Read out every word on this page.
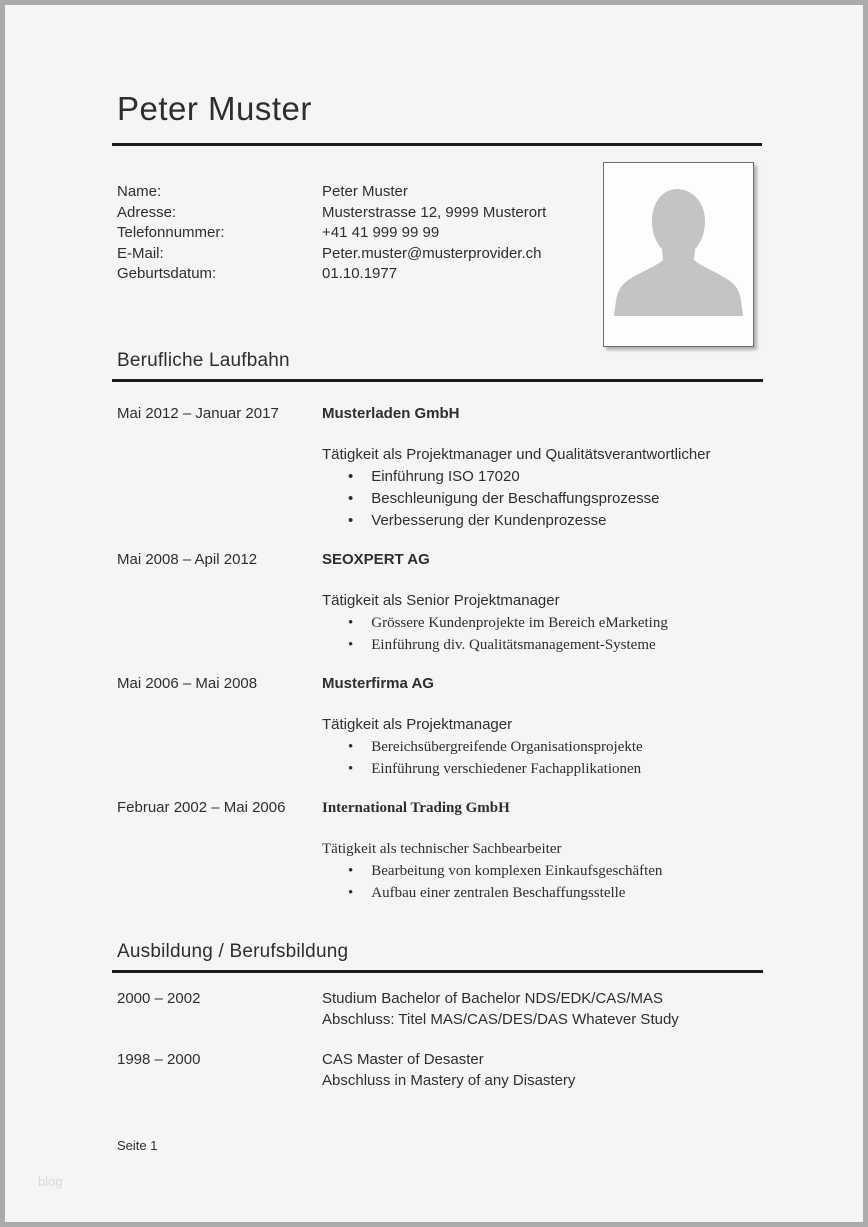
Peter Muster
Name:	Peter Muster
Adresse:	Musterstrasse 12, 9999 Musterort
Telefonnummer:	+41 41 999 99 99
E-Mail:	Peter.muster@musterprovider.ch
Geburtsdatum:	01.10.1977
Berufliche Laufbahn
Mai 2012 – Januar 2017	Musterladen GmbH
Tätigkeit als Projektmanager und Qualitätsverantwortlicher
• Einführung ISO 17020
• Beschleunigung der Beschaffungsprozesse
• Verbesserung der Kundenprozesse
Mai 2008 – Apil 2012	SEOXPERT AG
Tätigkeit als Senior Projektmanager
• Grössere Kundenprojekte im Bereich eMarketing
• Einführung div. Qualitätsmanagement-Systeme
Mai 2006 – Mai 2008	Musterfirma AG
Tätigkeit als Projektmanager
• Bereichsübergreifende Organisationsprojekte
• Einführung verschiedener Fachapplikationen
Februar 2002 – Mai 2006	International Trading GmbH
Tätigkeit als technischer Sachbearbeiter
• Bearbeitung von komplexen Einkaufsgeschäften
• Aufbau einer zentralen Beschaffungsstelle
Ausbildung / Berufsbildung
2000 – 2002	Studium Bachelor of Bachelor NDS/EDK/CAS/MAS
Abschluss: Titel MAS/CAS/DES/DAS Whatever Study
1998 – 2000	CAS Master of Desaster
Abschluss in Mastery of any Disastery
Seite 1
blog
